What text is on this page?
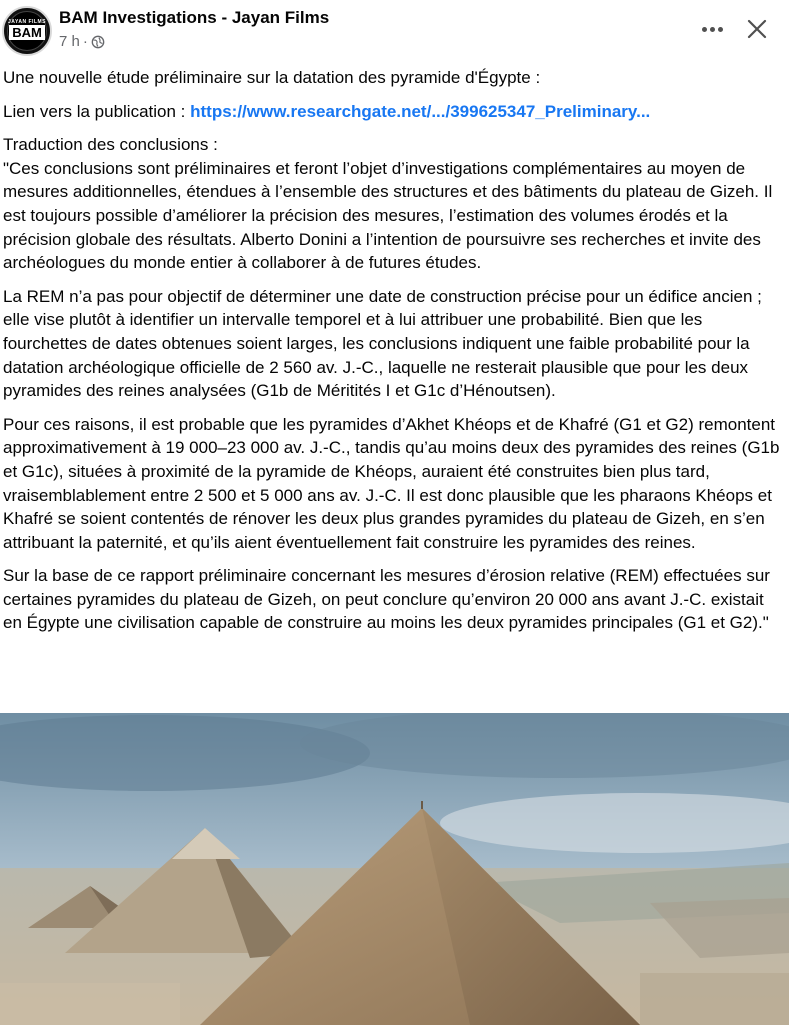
JAYAN FILMS
BAM
BAM Investigations - Jayan Films
7 h ·

Une nouvelle étude préliminaire sur la datation des pyramide d'Égypte :

Lien vers la publication : https://www.researchgate.net/.../399625347_Preliminary...

Traduction des conclusions :
"Ces conclusions sont préliminaires et feront l’objet d’investigations complémentaires au moyen de mesures additionnelles, étendues à l’ensemble des structures et des bâtiments du plateau de Gizeh. Il est toujours possible d’améliorer la précision des mesures, l’estimation des volumes érodés et la précision globale des résultats. Alberto Donini a l’intention de poursuivre ses recherches et invite des archéologues du monde entier à collaborer à de futures études.

La REM n’a pas pour objectif de déterminer une date de construction précise pour un édifice ancien ; elle vise plutôt à identifier un intervalle temporel et à lui attribuer une probabilité. Bien que les fourchettes de dates obtenues soient larges, les conclusions indiquent une faible probabilité pour la datation archéologique officielle de 2 560 av. J.-C., laquelle ne resterait plausible que pour les deux pyramides des reines analysées (G1b de Méritités I et G1c d’Hénoutsen).

Pour ces raisons, il est probable que les pyramides d’Akhet Khéops et de Khafré (G1 et G2) remontent approximativement à 19 000–23 000 av. J.-C., tandis qu’au moins deux des pyramides des reines (G1b et G1c), situées à proximité de la pyramide de Khéops, auraient été construites bien plus tard, vraisemblablement entre 2 500 et 5 000 ans av. J.-C. Il est donc plausible que les pharaons Khéops et Khafré se soient contentés de rénover les deux plus grandes pyramides du plateau de Gizeh, en s’en attribuant la paternité, et qu’ils aient éventuellement fait construire les pyramides des reines.

Sur la base de ce rapport préliminaire concernant les mesures d’érosion relative (REM) effectuées sur certaines pyramides du plateau de Gizeh, on peut conclure qu’environ 20 000 ans avant J.-C. existait en Égypte une civilisation capable de construire au moins les deux pyramides principales (G1 et G2)."
